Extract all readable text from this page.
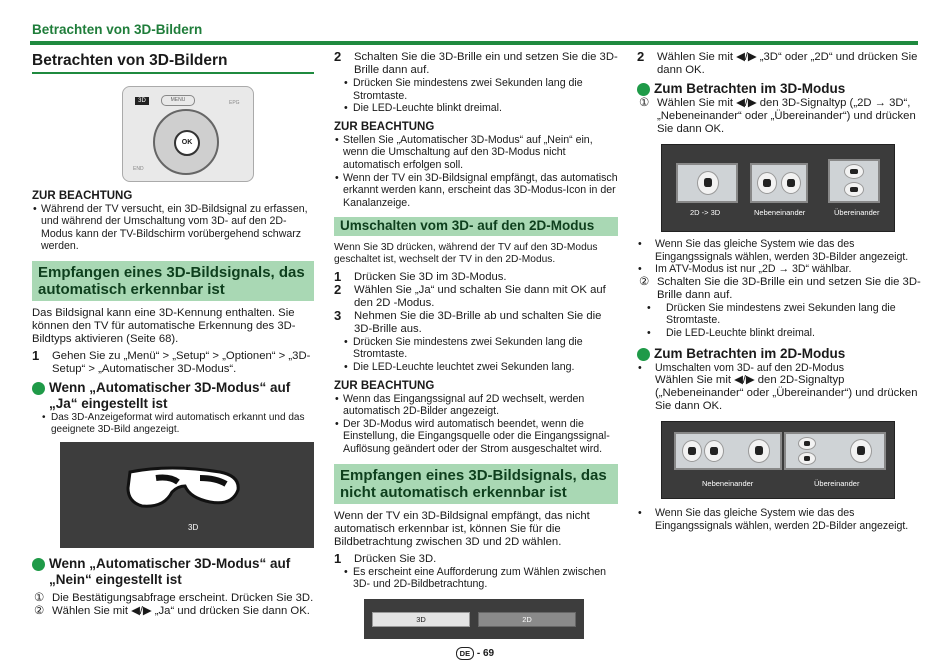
Betrachten von 3D-Bildern
Betrachten von 3D-Bildern
3D	MENU	EPG
OK
END
ZUR BEACHTUNG
• Während der TV versucht, ein 3D-Bildsignal zu erfassen, und während der Umschaltung vom 3D- auf den 2D-Modus kann der TV-Bildschirm vorübergehend schwarz werden.
Empfangen eines 3D-Bildsignals, das automatisch erkennbar ist
Das Bildsignal kann eine 3D-Kennung enthalten. Sie können den TV für automatische Erkennung des 3D-Bildtyps aktivieren (Seite 68).
1 Gehen Sie zu „Menü“ > „Setup“ > „Optionen“ > „3D-Setup“ > „Automatischer 3D-Modus“.
Wenn „Automatischer 3D-Modus“ auf „Ja“ eingestellt ist
• Das 3D-Anzeigeformat wird automatisch erkannt und das geeignete 3D-Bild angezeigt.
3D
Wenn „Automatischer 3D-Modus“ auf „Nein“ eingestellt ist
① Die Bestätigungsabfrage erscheint. Drücken Sie 3D.
② Wählen Sie mit ◀/▶ „Ja“ und drücken Sie dann OK.
2 Schalten Sie die 3D-Brille ein und setzen Sie die 3D-Brille dann auf.
• Drücken Sie mindestens zwei Sekunden lang die Stromtaste.
• Die LED-Leuchte blinkt dreimal.
ZUR BEACHTUNG
• Stellen Sie „Automatischer 3D-Modus“ auf „Nein“ ein, wenn die Umschaltung auf den 3D-Modus nicht automatisch erfolgen soll.
• Wenn der TV ein 3D-Bildsignal empfängt, das automatisch erkannt werden kann, erscheint das 3D-Modus-Icon in der Kanalanzeige.
Umschalten vom 3D- auf den 2D-Modus
Wenn Sie 3D drücken, während der TV auf den 3D-Modus geschaltet ist, wechselt der TV in den 2D-Modus.
1 Drücken Sie 3D im 3D-Modus.
2 Wählen Sie „Ja“ und schalten Sie dann mit OK auf den 2D -Modus.
3 Nehmen Sie die 3D-Brille ab und schalten Sie die 3D-Brille aus.
• Drücken Sie mindestens zwei Sekunden lang die Stromtaste.
• Die LED-Leuchte leuchtet zwei Sekunden lang.
ZUR BEACHTUNG
• Wenn das Eingangssignal auf 2D wechselt, werden automatisch 2D-Bilder angezeigt.
• Der 3D-Modus wird automatisch beendet, wenn die Einstellung, die Eingangsquelle oder die Eingangssignal-Auflösung geändert oder der Strom ausgeschaltet wird.
Empfangen eines 3D-Bildsignals, das nicht automatisch erkennbar ist
Wenn der TV ein 3D-Bildsignal empfängt, das nicht automatisch erkennbar ist, können Sie für die Bildbetrachtung zwischen 3D und 2D wählen.
1 Drücken Sie 3D.
• Es erscheint eine Aufforderung zum Wählen zwischen 3D- und 2D-Bildbetrachtung.
3D	2D
2 Wählen Sie mit ◀/▶ „3D“ oder „2D“ und drücken Sie dann OK.
Zum Betrachten im 3D-Modus
① Wählen Sie mit ◀/▶ den 3D-Signaltyp („2D → 3D“, „Nebeneinander“ oder „Übereinander“) und drücken Sie dann OK.
2D -> 3D	Nebeneinander	Übereinander
• Wenn Sie das gleiche System wie das des Eingangssignals wählen, werden 3D-Bilder angezeigt.
• Im ATV-Modus ist nur „2D → 3D“ wählbar.
② Schalten Sie die 3D-Brille ein und setzen Sie die 3D-Brille dann auf.
• Drücken Sie mindestens zwei Sekunden lang die Stromtaste.
• Die LED-Leuchte blinkt dreimal.
Zum Betrachten im 2D-Modus
• Umschalten vom 3D- auf den 2D-Modus
Wählen Sie mit ◀/▶ den 2D-Signaltyp („Nebeneinander“ oder „Übereinander“) und drücken Sie dann OK.
Nebeneinander	Übereinander
• Wenn Sie das gleiche System wie das des Eingangssignals wählen, werden 2D-Bilder angezeigt.
DE - 69
